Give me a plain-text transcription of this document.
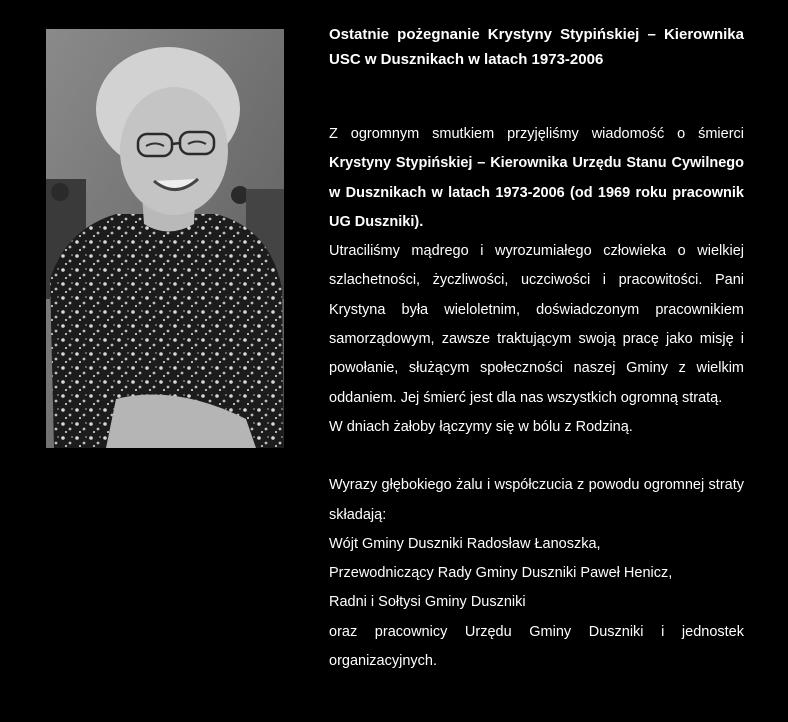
Ostatnie pożegnanie Krystyny Stypińskiej – Kierownika USC w Dusznikach w latach 1973-2006

Z ogromnym smutkiem przyjęliśmy wiadomość o śmierci Krystyny Stypińskiej – Kierownika Urzędu Stanu Cywilnego w Dusznikach w latach 1973-2006 (od 1969 roku pracownik UG Duszniki).

Utraciliśmy mądrego i wyrozumiałego człowieka o wielkiej szlachetności, życzliwości, uczciwości i pracowitości. Pani Krystyna była wieloletnim, doświadczonym pracownikiem samorządowym, zawsze traktującym swoją pracę jako misję i powołanie, służącym społeczności naszej Gminy z wielkim oddaniem. Jej śmierć jest dla nas wszystkich ogromną stratą.

W dniach żałoby łączymy się w bólu z Rodziną.

Wyrazy głębokiego żalu i współczucia z powodu ogromnej straty składają:

Wójt Gminy Duszniki Radosław Łanoszka,

Przewodniczący Rady Gminy Duszniki Paweł Henicz,

Radni i Sołtysi Gminy Duszniki

oraz pracownicy Urzędu Gminy Duszniki i jednostek organizacyjnych.
